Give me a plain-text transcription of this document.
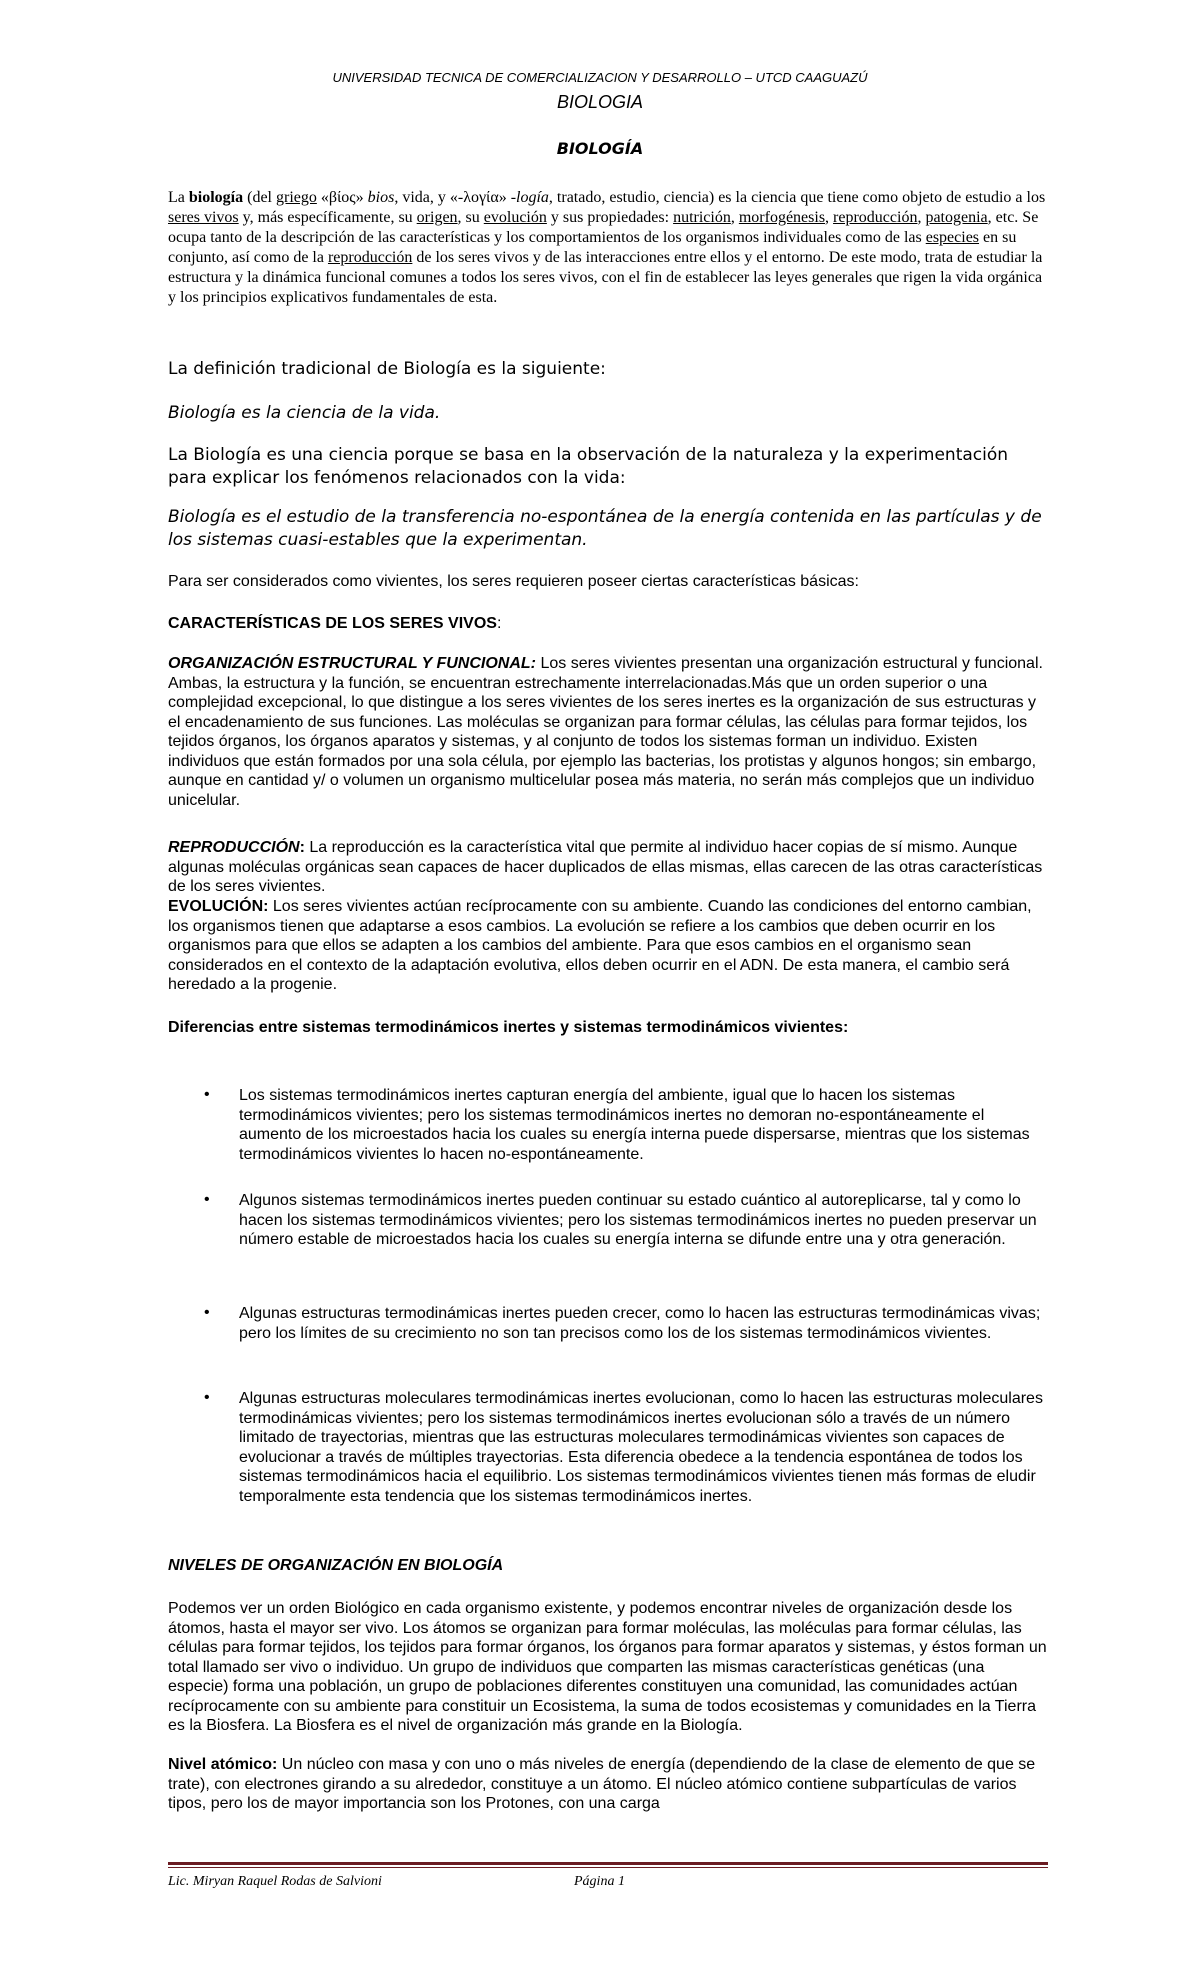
UNIVERSIDAD TECNICA DE COMERCIALIZACION Y DESARROLLO – UTCD CAAGUAZÚ
BIOLOGIA
BIOLOGÍA

La biología (del griego «βίος» bios, vida, y «-λογία» -logía, tratado, estudio, ciencia) es la ciencia que tiene como objeto de estudio a los seres vivos y, más específicamente, su origen, su evolución y sus propiedades: nutrición, morfogénesis, reproducción, patogenia, etc. Se ocupa tanto de la descripción de las características y los comportamientos de los organismos individuales como de las especies en su conjunto, así como de la reproducción de los seres vivos y de las interacciones entre ellos y el entorno. De este modo, trata de estudiar la estructura y la dinámica funcional comunes a todos los seres vivos, con el fin de establecer las leyes generales que rigen la vida orgánica y los principios explicativos fundamentales de esta.

La definición tradicional de Biología es la siguiente:

Biología es la ciencia de la vida.

La Biología es una ciencia porque se basa en la observación de la naturaleza y la experimentación para explicar los fenómenos relacionados con la vida:

Biología es el estudio de la transferencia no-espontánea de la energía contenida en las partículas y de los sistemas cuasi-estables que la experimentan.

Para ser considerados como vivientes, los seres requieren poseer ciertas características básicas:

CARACTERÍSTICAS DE LOS SERES VIVOS:

ORGANIZACIÓN ESTRUCTURAL Y FUNCIONAL: Los seres vivientes presentan una organización estructural y funcional. Ambas, la estructura y la función, se encuentran estrechamente interrelacionadas.Más que un orden superior o una complejidad excepcional, lo que distingue a los seres vivientes de los seres inertes es la organización de sus estructuras y el encadenamiento de sus funciones. Las moléculas se organizan para formar células, las células para formar tejidos, los tejidos órganos, los órganos aparatos y sistemas, y al conjunto de todos los sistemas forman un individuo. Existen individuos que están formados por una sola célula, por ejemplo las bacterias, los protistas y algunos hongos; sin embargo, aunque en cantidad y/ o volumen un organismo multicelular posea más materia, no serán más complejos que un individuo unicelular.

REPRODUCCIÓN: La reproducción es la característica vital que permite al individuo hacer copias de sí mismo. Aunque algunas moléculas orgánicas sean capaces de hacer duplicados de ellas mismas, ellas carecen de las otras características de los seres vivientes.

EVOLUCIÓN: Los seres vivientes actúan recíprocamente con su ambiente. Cuando las condiciones del entorno cambian, los organismos tienen que adaptarse a esos cambios. La evolución se refiere a los cambios que deben ocurrir en los organismos para que ellos se adapten a los cambios del ambiente. Para que esos cambios en el organismo sean considerados en el contexto de la adaptación evolutiva, ellos deben ocurrir en el ADN. De esta manera, el cambio será heredado a la progenie.

Diferencias entre sistemas termodinámicos inertes y sistemas termodinámicos vivientes:

• Los sistemas termodinámicos inertes capturan energía del ambiente, igual que lo hacen los sistemas termodinámicos vivientes; pero los sistemas termodinámicos inertes no demoran no-espontáneamente el aumento de los microestados hacia los cuales su energía interna puede dispersarse, mientras que los sistemas termodinámicos vivientes lo hacen no-espontáneamente.

• Algunos sistemas termodinámicos inertes pueden continuar su estado cuántico al autoreplicarse, tal y como lo hacen los sistemas termodinámicos vivientes; pero los sistemas termodinámicos inertes no pueden preservar un número estable de microestados hacia los cuales su energía interna se difunde entre una y otra generación.

• Algunas estructuras termodinámicas inertes pueden crecer, como lo hacen las estructuras termodinámicas vivas; pero los límites de su crecimiento no son tan precisos como los de los sistemas termodinámicos vivientes.

• Algunas estructuras moleculares termodinámicas inertes evolucionan, como lo hacen las estructuras moleculares termodinámicas vivientes; pero los sistemas termodinámicos inertes evolucionan sólo a través de un número limitado de trayectorias, mientras que las estructuras moleculares termodinámicas vivientes son capaces de evolucionar a través de múltiples trayectorias. Esta diferencia obedece a la tendencia espontánea de todos los sistemas termodinámicos hacia el equilibrio. Los sistemas termodinámicos vivientes tienen más formas de eludir temporalmente esta tendencia que los sistemas termodinámicos inertes.

NIVELES DE ORGANIZACIÓN EN BIOLOGÍA

Podemos ver un orden Biológico en cada organismo existente, y podemos encontrar niveles de organización desde los átomos, hasta el mayor ser vivo. Los átomos se organizan para formar moléculas, las moléculas para formar células, las células para formar tejidos, los tejidos para formar órganos, los órganos para formar aparatos y sistemas, y éstos forman un total llamado ser vivo o individuo. Un grupo de individuos que comparten las mismas características genéticas (una especie) forma una población, un grupo de poblaciones diferentes constituyen una comunidad, las comunidades actúan recíprocamente con su ambiente para constituir un Ecosistema, la suma de todos ecosistemas y comunidades en la Tierra es la Biosfera. La Biosfera es el nivel de organización más grande en la Biología.

Nivel atómico: Un núcleo con masa y con uno o más niveles de energía (dependiendo de la clase de elemento de que se trate), con electrones girando a su alrededor, constituye a un átomo. El núcleo atómico contiene subpartículas de varios tipos, pero los de mayor importancia son los Protones, con una carga

Lic. Miryan Raquel Rodas de Salvioni	Página 1
